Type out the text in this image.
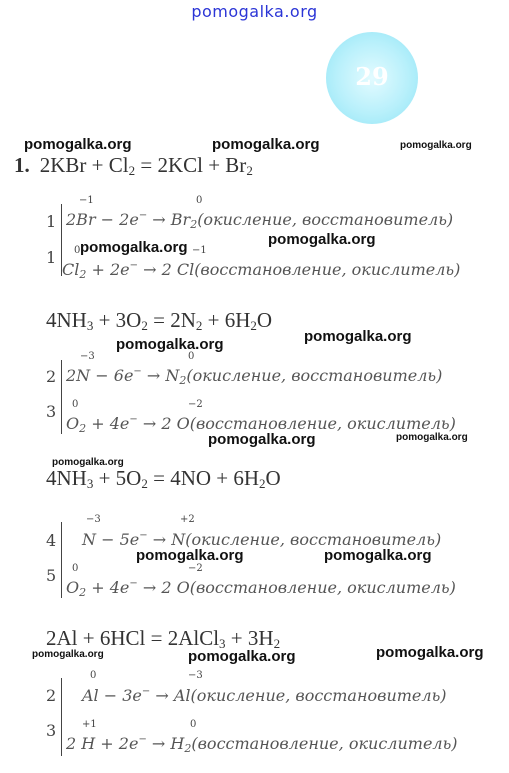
pomogalka.org
29
pomogalka.org	pomogalka.org	pomogalka.org
pomogalka.org	pomogalka.org
pomogalka.org	pomogalka.org
pomogalka.org	pomogalka.org
pomogalka.org
pomogalka.org	pomogalka.org
pomogalka.org	pomogalka.org	pomogalka.org
1. $2KBr + Cl_2 = 2KCl + Br_2$
1
1
−1	0
$2Br - 2e^- \to Br_2(окисление$, восстановитель)
0	−1
$Cl_2 + 2e^- \to 2$ Cl(восстановление, окислитель)
$4NH_3 + 3O_2 = 2N_2 + 6H_2O$
2
3
−3	0
$2N - 6e^- \to N_2(окисление$, восстановитель)
0	−2
$O_2 + 4e^- \to 2$ O(восстановление, окислитель)
$4NH_3 + 5O_2 = 4NO + 6H_2O$
4
5
−3	+2
N − 5e− → N(окисление, восстановитель)
0	−2
$O_2 + 4e^- \to 2$ O(восстановление, окислитель)
2Al + 6HCl = 2AlCl$_3$ + $3H_2$
2
3
0	−3
Al − 3e− → Al(окисление, восстановитель)
+1	0
2 $H + 2e^- \to H_2(восстановление$, окислитель)
